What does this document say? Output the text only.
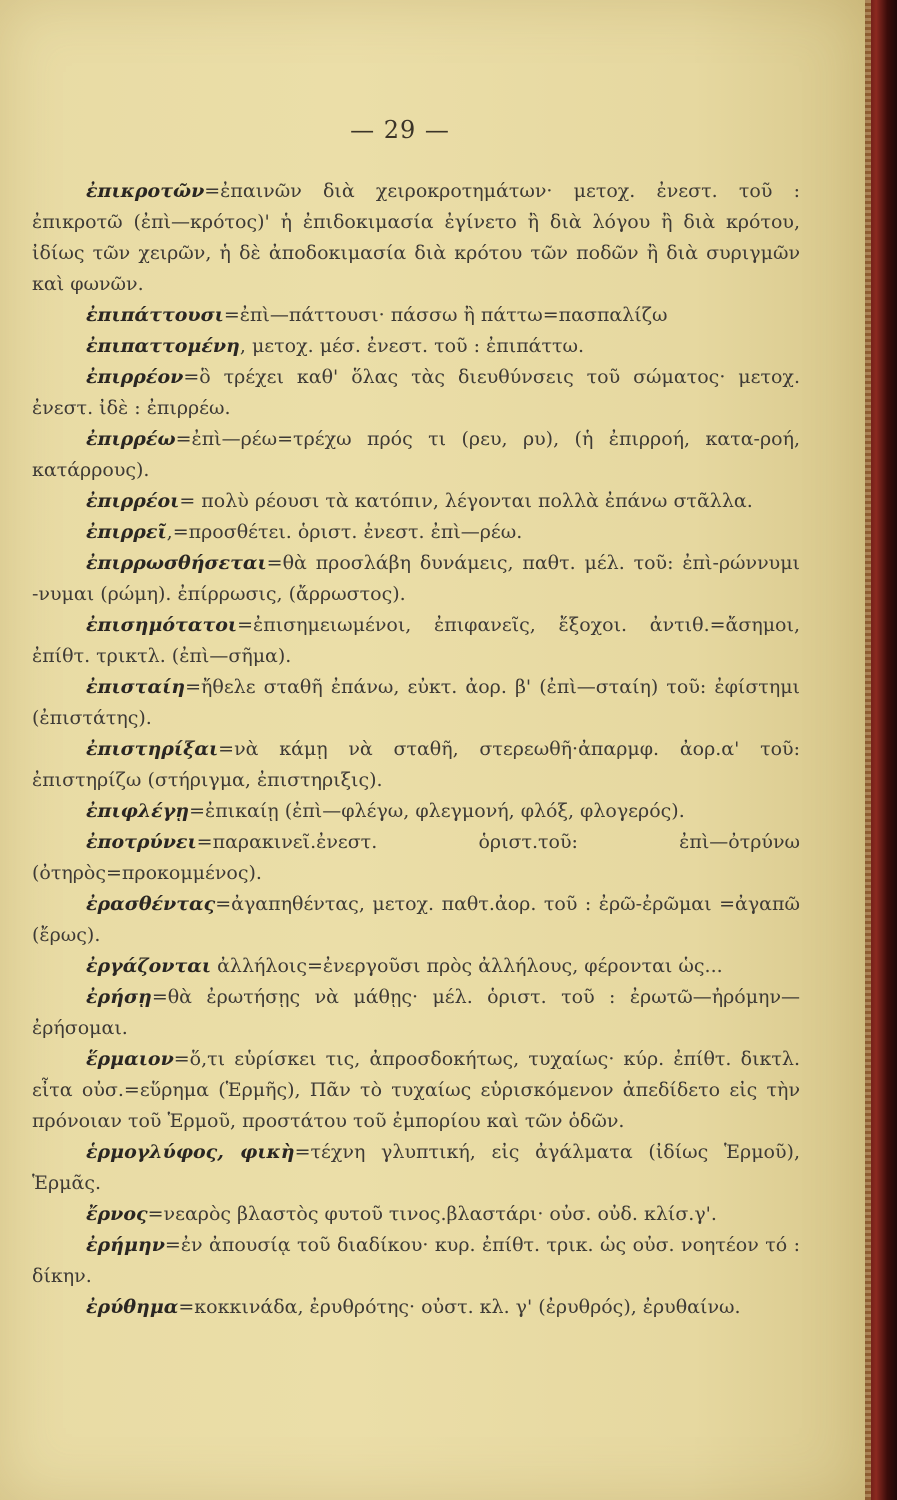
— 29 —

ἐπικροτῶν=ἐπαινῶν διὰ χειροκροτημάτων· μετοχ. ἐνεστ. τοῦ : ἐπικροτῶ (ἐπὶ—κρότος)' ἡ ἐπιδοκιμασία ἐγίνετο ἢ διὰ λόγου ἢ διὰ κρότου, ἰδίως τῶν χειρῶν, ἡ δὲ ἀποδοκιμασία διὰ κρότου τῶν ποδῶν ἢ διὰ συριγμῶν καὶ φωνῶν.

ἐπιπάττουσι=ἐπὶ—πάττουσι· πάσσω ἢ πάττω=πασπαλίζω

ἐπιπαττομένη, μετοχ. μέσ. ἐνεστ. τοῦ : ἐπιπάττω.

ἐπιρρέον=ὃ τρέχει καθ' ὅλας τὰς διευθύνσεις τοῦ σώματος· μετοχ. ἐνεστ. ἰδὲ : ἐπιρρέω.

ἐπιρρέω=ἐπὶ—ρέω=τρέχω πρός τι (ρευ, ρυ), (ἡ ἐπιρροή, κατα-ροή, κατάρρους).

ἐπιρρέοι= πολὺ ρέουσι τὰ κατόπιν, λέγονται πολλὰ ἐπάνω στᾶλλα.

ἐπιρρεῖ,=προσθέτει. ὁριστ. ἐνεστ. ἐπὶ—ρέω.

ἐπιρρωσθήσεται=θὰ προσλάβη δυνάμεις, παθτ. μέλ. τοῦ: ἐπὶ-ρώννυμι -νυμαι (ρώμη). ἐπίρρωσις, (ἄρρωστος).

ἐπισημότατοι=ἐπισημειωμένοι, ἐπιφανεῖς, ἔξοχοι. ἀντιθ.=ἄσημοι, ἐπίθτ. τρικτλ. (ἐπὶ—σῆμα).

ἐπισταίη=ἤθελε σταθῆ ἐπάνω, εὐκτ. ἀορ. β' (ἐπὶ—σταίη) τοῦ: ἐφίστημι (ἐπιστάτης).

ἐπιστηρίξαι=νὰ κάμῃ νὰ σταθῆ, στερεωθῆ·ἀπαρμφ. ἀορ.α' τοῦ: ἐπιστηρίζω (στήριγμα, ἐπιστηριξις).

ἐπιφλέγῃ=ἐπικαίῃ (ἐπὶ—φλέγω, φλεγμονή, φλόξ, φλογερός).

ἐποτρύνει=παρακινεῖ.ἐνεστ. ὁριστ.τοῦ: ἐπὶ—ὀτρύνω (ὀτηρὸς=προκομμένος).

ἐρασθέντας=ἀγαπηθέντας, μετοχ. παθτ.ἀορ. τοῦ : ἐρῶ-ἐρῶμαι =ἀγαπῶ (ἔρως).

ἐργάζονται ἀλλήλοις=ἐνεργοῦσι πρὸς ἀλλήλους, φέρονται ὡς...

ἐρήσῃ=θὰ ἐρωτήσῃς νὰ μάθῃς· μέλ. ὁριστ. τοῦ : ἐρωτῶ—ἠρόμην—ἐρήσομαι.

ἕρμαιον=ὅ,τι εὑρίσκει τις, ἀπροσδοκήτως, τυχαίως· κύρ. ἐπίθτ. δικτλ. εἶτα οὐσ.=εὕρημα (Ἑρμῆς), Πᾶν τὸ τυχαίως εὑρισκόμενον ἀπεδίδετο εἰς τὴν πρόνοιαν τοῦ Ἑρμοῦ, προστάτου τοῦ ἐμπορίου καὶ τῶν ὁδῶν.

ἑρμογλύφος, φικὴ=τέχνη γλυπτική, εἰς ἀγάλματα (ἰδίως Ἑρμοῦ), Ἑρμᾶς.

ἔρνος=νεαρὸς βλαστὸς φυτοῦ τινος.βλαστάρι· οὐσ. οὐδ. κλίσ.γ'.

ἐρήμην=ἐν ἀπουσίᾳ τοῦ διαδίκου· κυρ. ἐπίθτ. τρικ. ὡς οὐσ. νοητέον τό : δίκην.

ἐρύθημα=κοκκινάδα, ἐρυθρότης· οὐστ. κλ. γ' (ἐρυθρός), ἐρυθαίνω.
